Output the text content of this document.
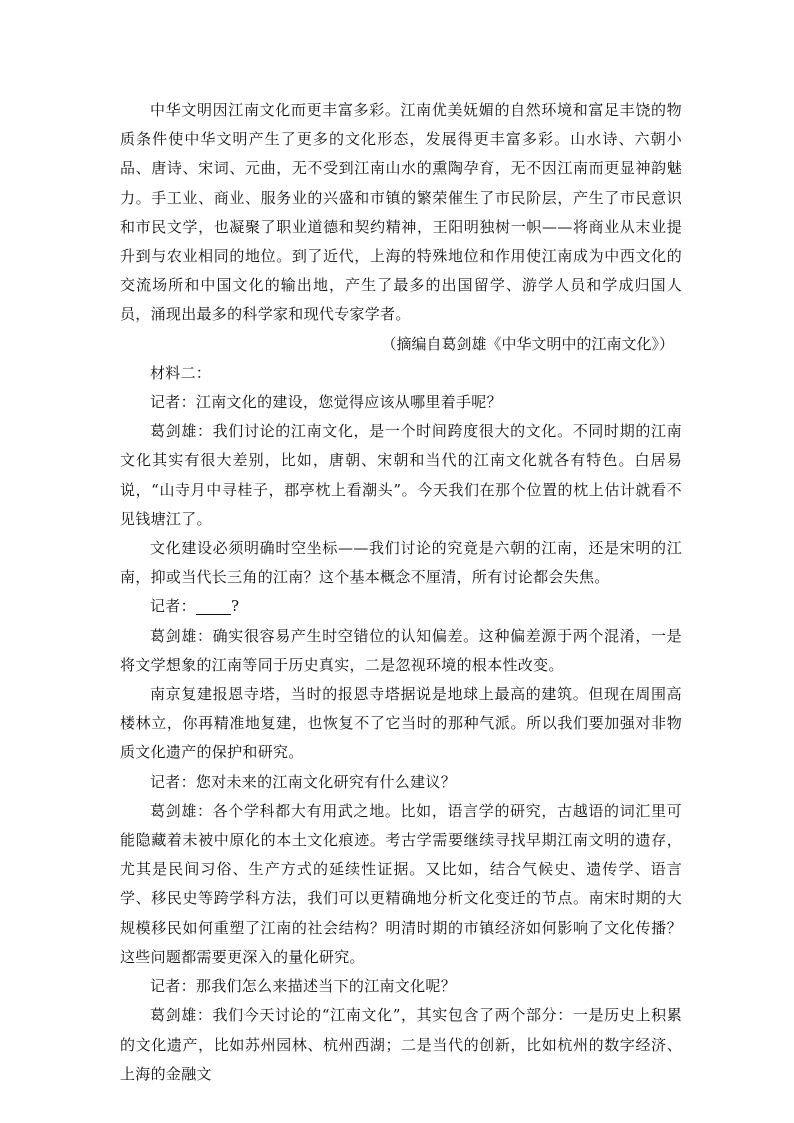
中华文明因江南文化而更丰富多彩。江南优美妩媚的自然环境和富足丰饶的物质条件使中华文明产生了更多的文化形态，发展得更丰富多彩。山水诗、六朝小品、唐诗、宋词、元曲，无不受到江南山水的熏陶孕育，无不因江南而更显神韵魅力。手工业、商业、服务业的兴盛和市镇的繁荣催生了市民阶层，产生了市民意识和市民文学，也凝聚了职业道德和契约精神，王阳明独树一帜——将商业从末业提升到与农业相同的地位。到了近代，上海的特殊地位和作用使江南成为中西文化的交流场所和中国文化的输出地，产生了最多的出国留学、游学人员和学成归国人员，涌现出最多的科学家和现代专家学者。

（摘编自葛剑雄《中华文明中的江南文化》）

材料二：

记者：江南文化的建设，您觉得应该从哪里着手呢？

葛剑雄：我们讨论的江南文化，是一个时间跨度很大的文化。不同时期的江南文化其实有很大差别，比如，唐朝、宋朝和当代的江南文化就各有特色。白居易说，“山寺月中寻桂子，郡亭枕上看潮头”。今天我们在那个位置的枕上估计就看不见钱塘江了。

文化建设必须明确时空坐标——我们讨论的究竟是六朝的江南，还是宋明的江南，抑或当代长三角的江南？这个基本概念不厘清，所有讨论都会失焦。

记者： ?

葛剑雄：确实很容易产生时空错位的认知偏差。这种偏差源于两个混淆，一是将文学想象的江南等同于历史真实，二是忽视环境的根本性改变。

南京复建报恩寺塔，当时的报恩寺塔据说是地球上最高的建筑。但现在周围高楼林立，你再精准地复建，也恢复不了它当时的那种气派。所以我们要加强对非物质文化遗产的保护和研究。

记者：您对未来的江南文化研究有什么建议？

葛剑雄：各个学科都大有用武之地。比如，语言学的研究，古越语的词汇里可能隐藏着未被中原化的本土文化痕迹。考古学需要继续寻找早期江南文明的遗存，尤其是民间习俗、生产方式的延续性证据。又比如，结合气候史、遗传学、语言学、移民史等跨学科方法，我们可以更精确地分析文化变迁的节点。南宋时期的大规模移民如何重塑了江南的社会结构？明清时期的市镇经济如何影响了文化传播？这些问题都需要更深入的量化研究。

记者：那我们怎么来描述当下的江南文化呢？

葛剑雄：我们今天讨论的“江南文化”，其实包含了两个部分：一是历史上积累的文化遗产，比如苏州园林、杭州西湖；二是当代的创新，比如杭州的数字经济、上海的金融文
